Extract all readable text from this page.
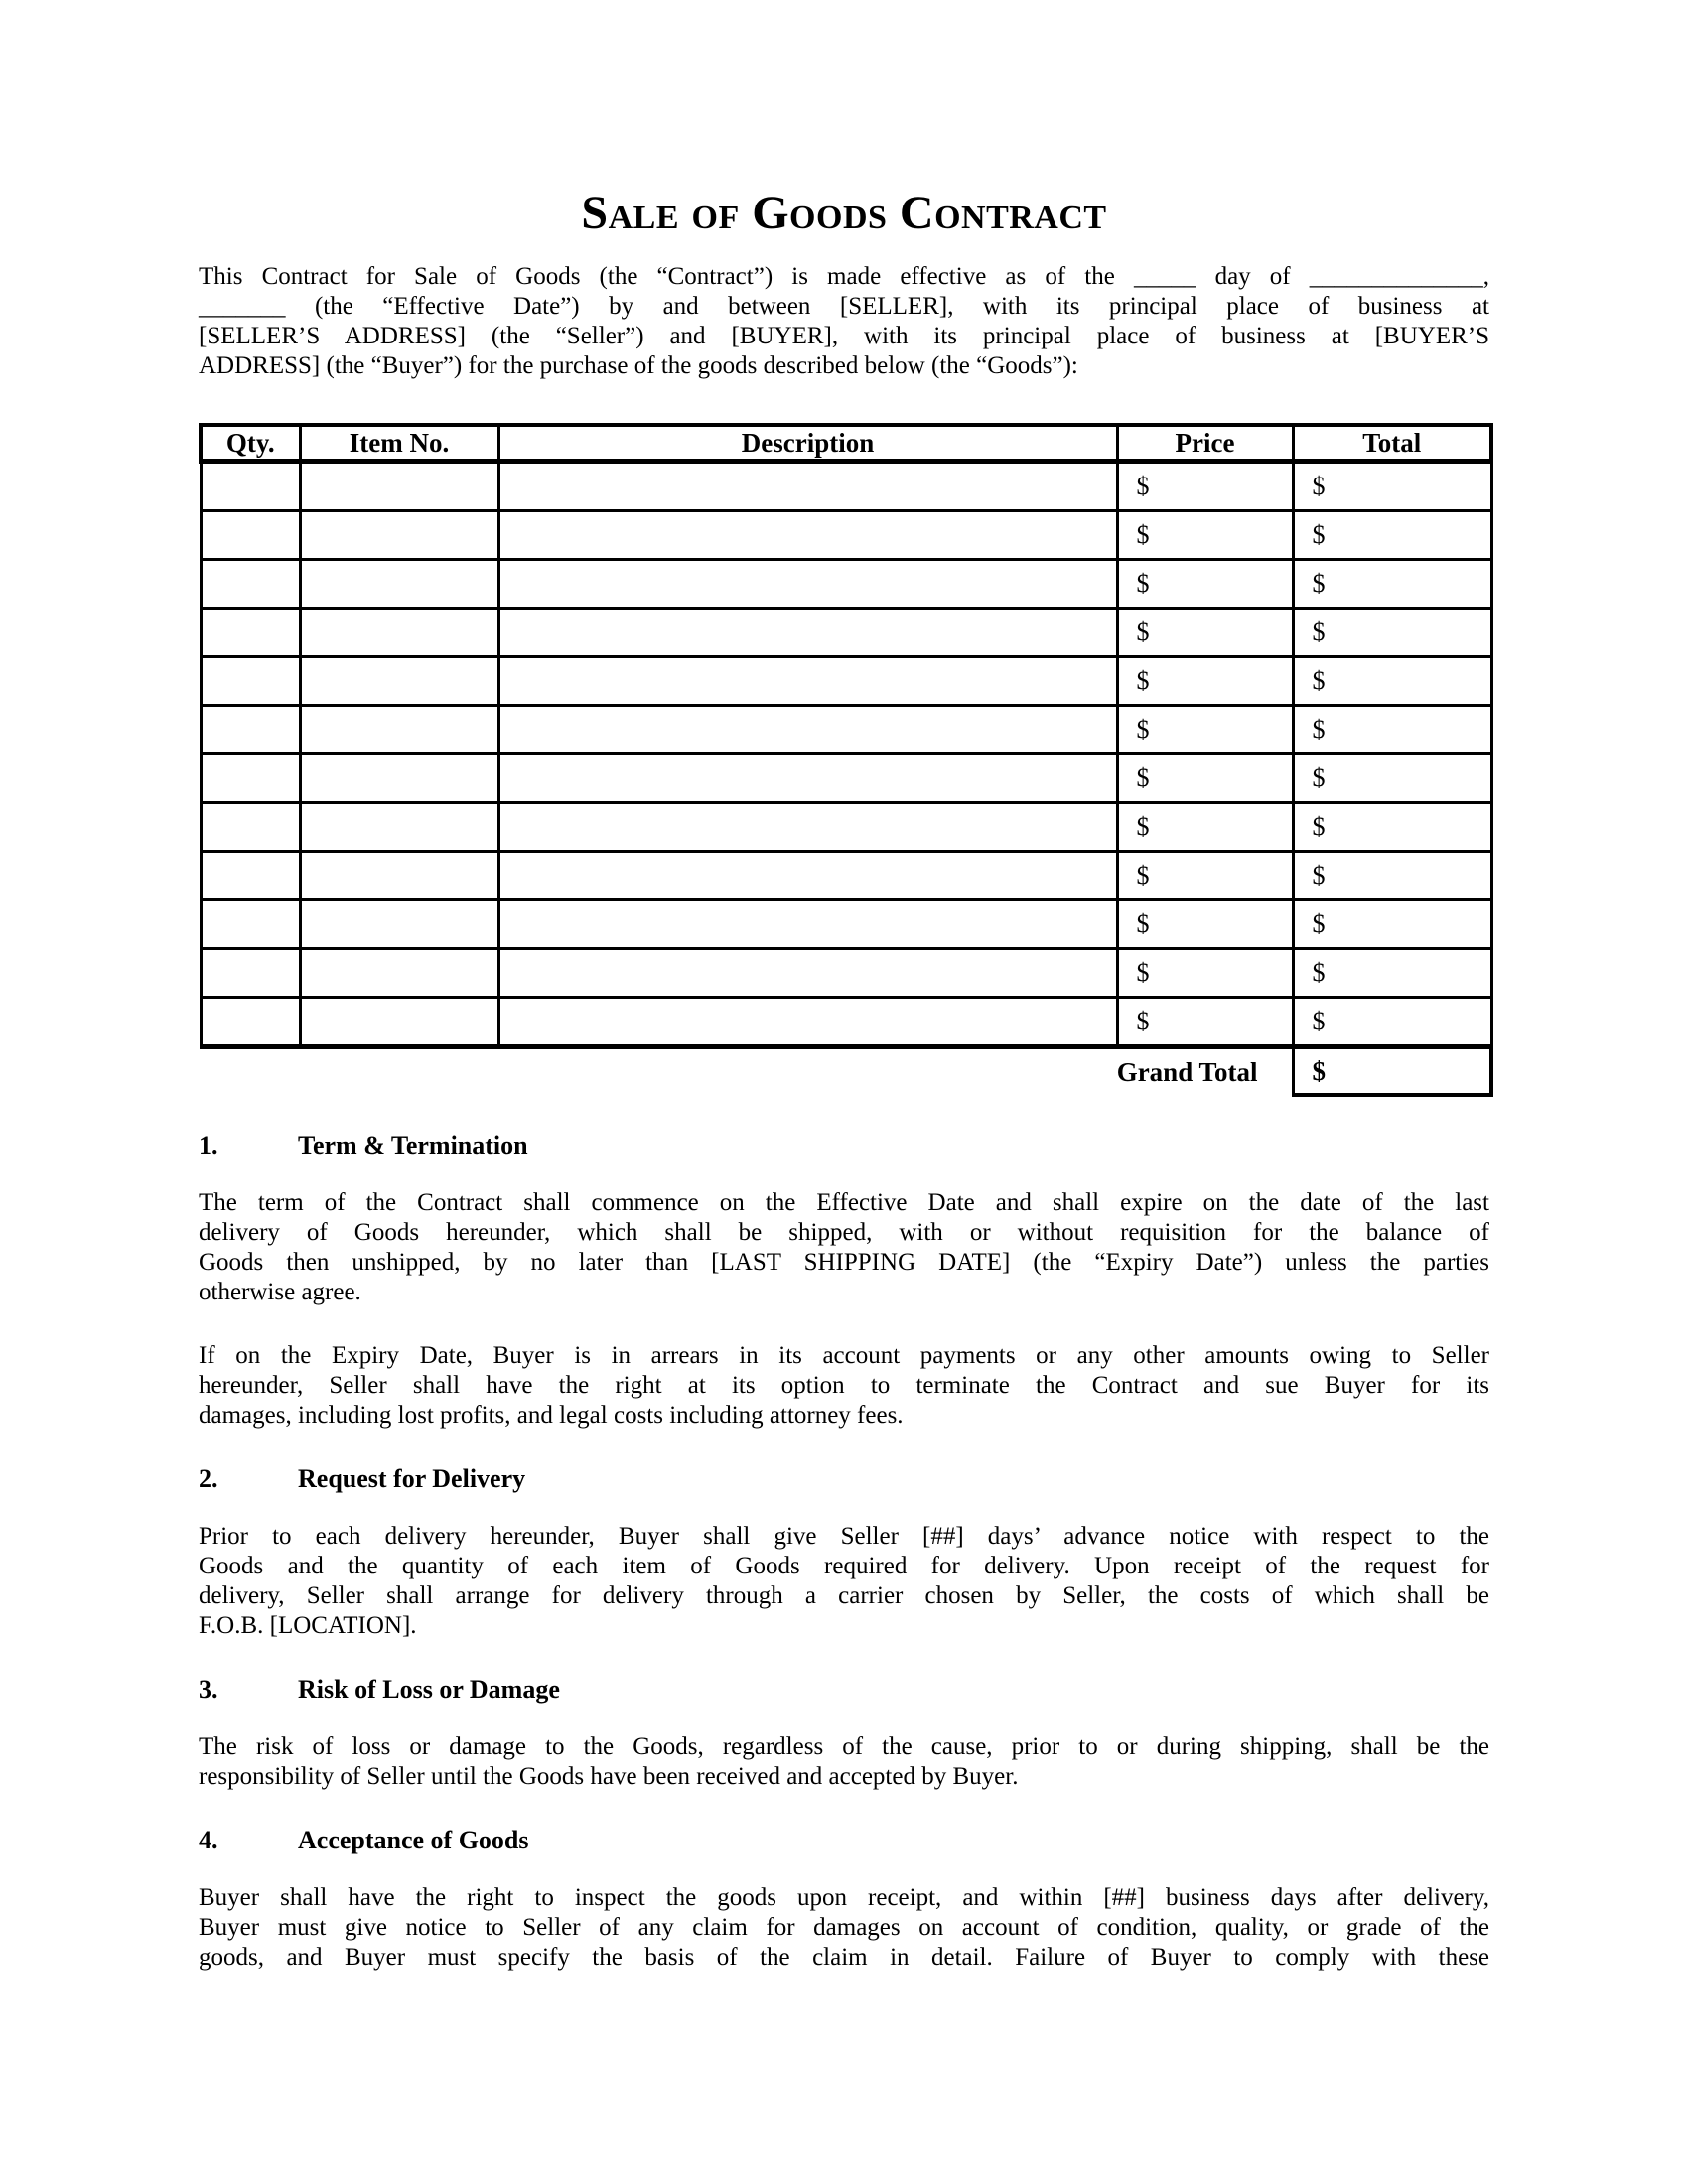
Sale of Goods Contract
This Contract for Sale of Goods (the “Contract”) is made effective as of the _____ day of ______________,
_______ (the “Effective Date”) by and between [SELLER], with its principal place of business at
[SELLER’S ADDRESS] (the “Seller”) and [BUYER], with its principal place of business at [BUYER’S
ADDRESS] (the “Buyer”) for the purchase of the goods described below (the “Goods”):
Qty.	Item No.	Description	Price	Total
			$	$
			$	$
			$	$
			$	$
			$	$
			$	$
			$	$
			$	$
			$	$
			$	$
			$	$
			$	$
Grand Total				$
1.	Term & Termination
The term of the Contract shall commence on the Effective Date and shall expire on the date of the last
delivery of Goods hereunder, which shall be shipped, with or without requisition for the balance of
Goods then unshipped, by no later than [LAST SHIPPING DATE] (the “Expiry Date”) unless the parties
otherwise agree.
If on the Expiry Date, Buyer is in arrears in its account payments or any other amounts owing to Seller
hereunder, Seller shall have the right at its option to terminate the Contract and sue Buyer for its
damages, including lost profits, and legal costs including attorney fees.
2.	Request for Delivery
Prior to each delivery hereunder, Buyer shall give Seller [##] days’ advance notice with respect to the
Goods and the quantity of each item of Goods required for delivery. Upon receipt of the request for
delivery, Seller shall arrange for delivery through a carrier chosen by Seller, the costs of which shall be
F.O.B. [LOCATION].
3.	Risk of Loss or Damage
The risk of loss or damage to the Goods, regardless of the cause, prior to or during shipping, shall be the
responsibility of Seller until the Goods have been received and accepted by Buyer.
4.	Acceptance of Goods
Buyer shall have the right to inspect the goods upon receipt, and within [##] business days after delivery,
Buyer must give notice to Seller of any claim for damages on account of condition, quality, or grade of the
goods, and Buyer must specify the basis of the claim in detail. Failure of Buyer to comply with these
